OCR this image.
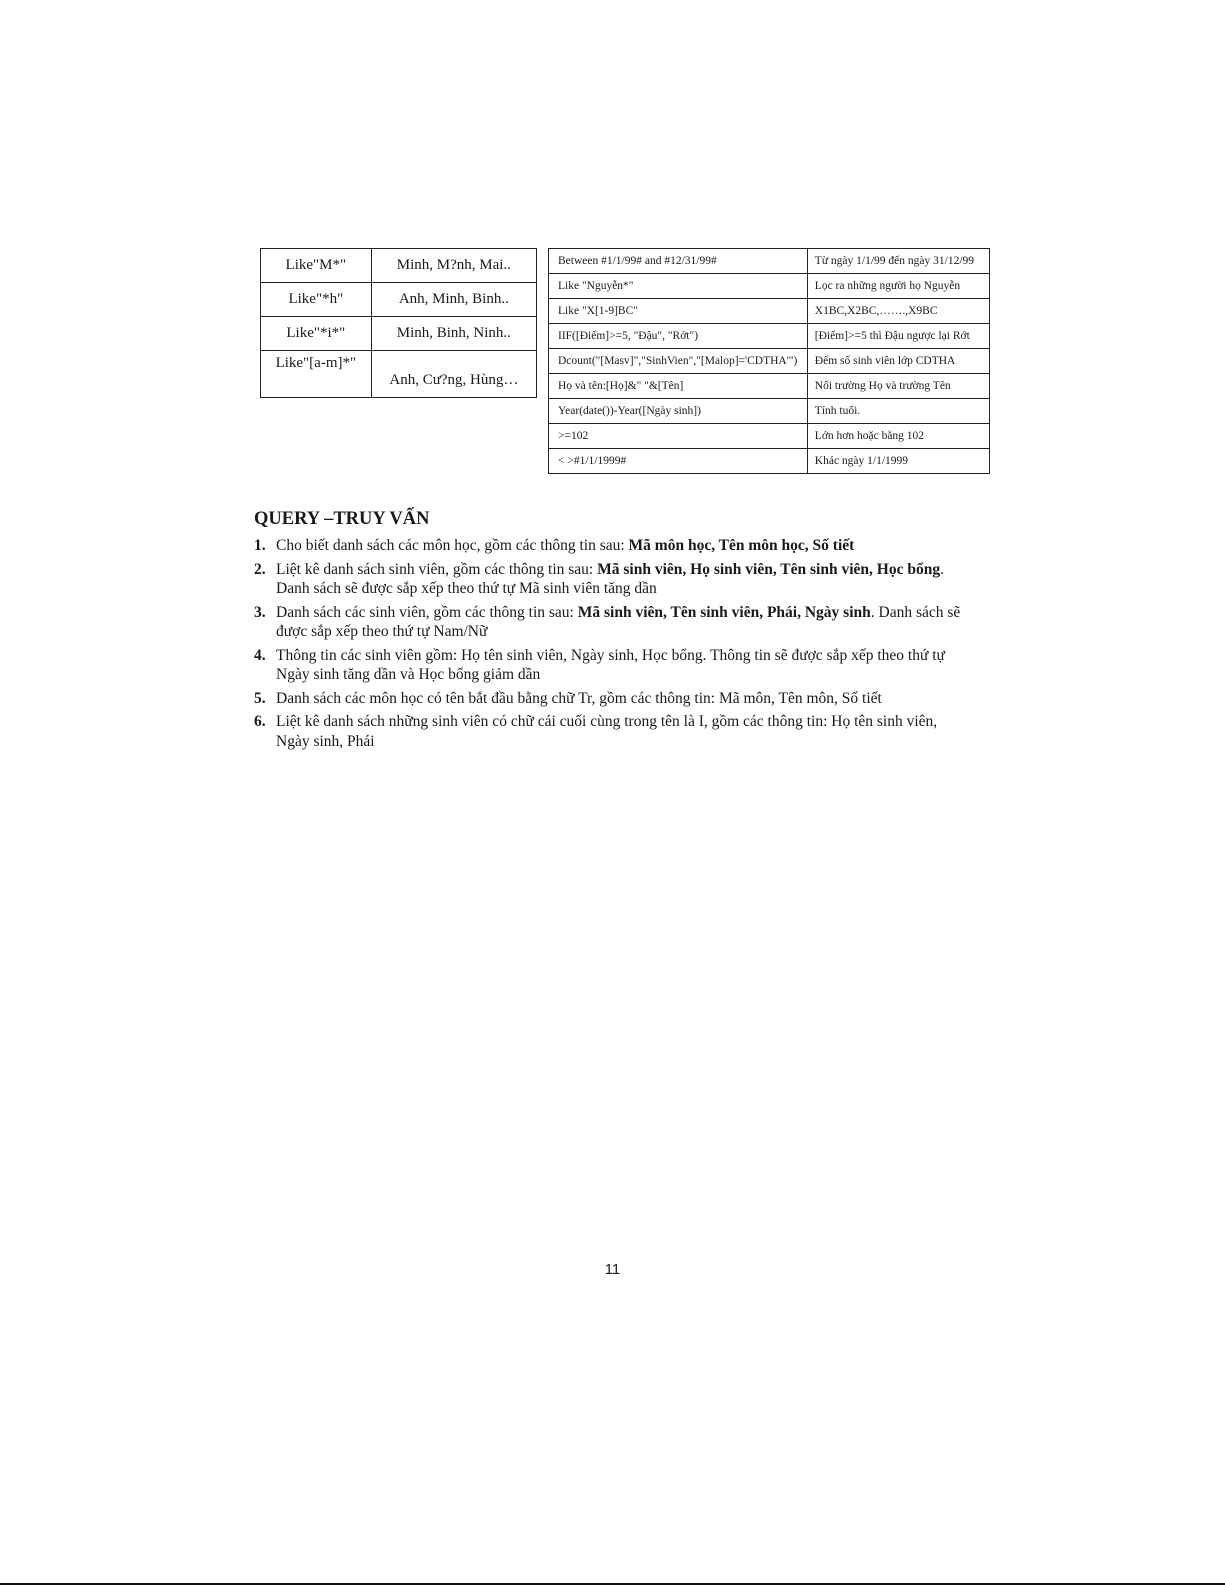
Like"M*"	Minh, M?nh, Mai..
Like"*h"	Anh, Minh, Binh..
Like"*i*"	Minh, Binh, Ninh..
Like"[a-m]*"	Anh, Cư?ng, Hùng…
Between #1/1/99# and #12/31/99#	Từ ngày 1/1/99 đến ngày 31/12/99
Like "Nguyễn*"	Lọc ra những người họ Nguyễn
Like "X[1-9]BC"	X1BC,X2BC,…….,X9BC
IIF([Điểm]>=5, "Đậu", "Rớt")	[Điểm]>=5 thì Đậu ngược lại Rớt
Dcount("[Masv]","SinhVien","[Malop]='CDTHA'")	Đếm số sinh viên lớp CDTHA
Họ và tên:[Họ]&" "&[Tên]	Nối trường Họ và trường Tên
Year(date())-Year([Ngày sinh])	Tính tuổi.
>=102	Lớn hơn hoặc bằng 102
< >#1/1/1999#	Khác ngày 1/1/1999
QUERY –TRUY VẤN
1. Cho biết danh sách các môn học, gồm các thông tin sau: Mã môn học, Tên môn học, Số tiết
2. Liệt kê danh sách sinh viên, gồm các thông tin sau: Mã sinh viên, Họ sinh viên, Tên sinh viên, Học bổng. Danh sách sẽ được sắp xếp theo thứ tự Mã sinh viên tăng dần
3. Danh sách các sinh viên, gồm các thông tin sau: Mã sinh viên, Tên sinh viên, Phái, Ngày sinh. Danh sách sẽ được sắp xếp theo thứ tự Nam/Nữ
4. Thông tin các sinh viên gồm: Họ tên sinh viên, Ngày sinh, Học bổng. Thông tin sẽ được sắp xếp theo thứ tự Ngày sinh tăng dần và Học bổng giảm dần
5. Danh sách các môn học có tên bắt đầu bằng chữ Tr, gồm các thông tin: Mã môn, Tên môn, Số tiết
6. Liệt kê danh sách những sinh viên có chữ cái cuối cùng trong tên là I, gồm các thông tin: Họ tên sinh viên, Ngày sinh, Phái
11
